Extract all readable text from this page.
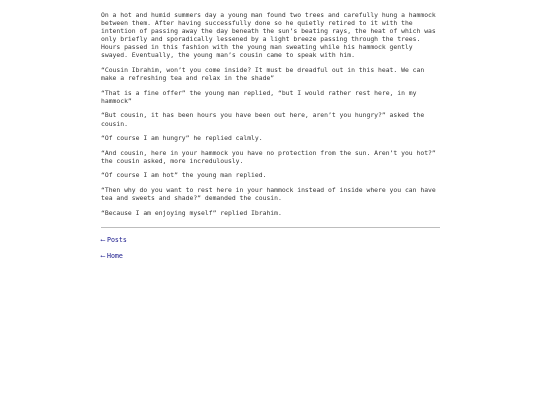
On a hot and humid summers day a young man found two trees and carefully hung a hammock between them. After having successfully done so he quietly retired to it with the intention of passing away the day beneath the sun’s beating rays, the heat of which was only briefly and sporadically lessened by a light breeze passing through the trees. Hours passed in this fashion with the young man sweating while his hammock gently swayed. Eventually, the young man’s cousin came to speak with him.

“Cousin Ibrahim, won’t you come inside? It must be dreadful out in this heat. We can make a refreshing tea and relax in the shade”

“That is a fine offer” the young man replied, “but I would rather rest here, in my hammock”

“But cousin, it has been hours you have been out here, aren’t you hungry?” asked the cousin.

“Of course I am hungry” he replied calmly.

“And cousin, here in your hammock you have no protection from the sun. Aren’t you hot?” the cousin asked, more incredulously.

“Of course I am hot” the young man replied.

“Then why do you want to rest here in your hammock instead of inside where you can have tea and sweets and shade?” demanded the cousin.

“Because I am enjoying myself” replied Ibrahim.

⟵ Posts
⟵ Home
